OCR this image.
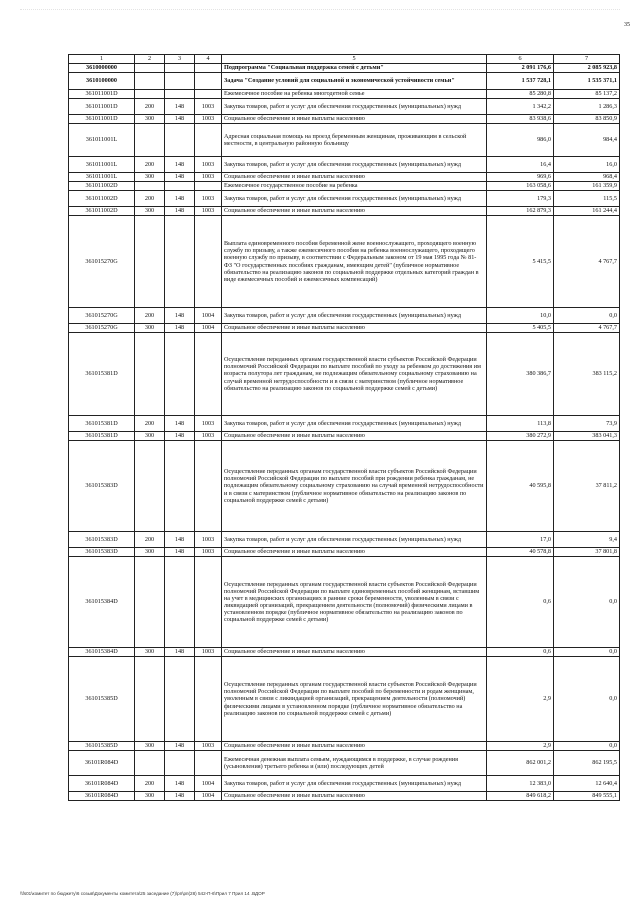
35
1	2	3	4	5	6	7
3610000000				Подпрограмма "Социальная поддержка семей с детьми"	2 091 176,6	2 085 923,8
3610100000				Задача "Создание условий для социальной и экономической устойчивости семьи"	1 537 728,1	1 535 371,1
361011001D				Ежемесячное пособие на ребенка многодетной семье	85 280,8	85 137,2
361011001D	200	148	1003	Закупка товаров, работ и услуг для обеспечения государственных (муниципальных) нужд	1 342,2	1 286,3
361011001D	300	148	1003	Социальное обеспечение и иные выплаты населению	83 938,6	83 850,9
361011001L				Адресная социальная помощь на проезд беременным женщинам, проживающим в сельской местности, в центральную районную больницу	986,0	984,4
361011001L	200	148	1003	Закупка товаров, работ и услуг для обеспечения государственных (муниципальных) нужд	16,4	16,0
361011001L	300	148	1003	Социальное обеспечение и иные выплаты населению	969,6	968,4
361011002D				Ежемесячное государственное пособие на ребенка	163 058,6	161 359,9
361011002D	200	148	1003	Закупка товаров, работ и услуг для обеспечения государственных (муниципальных) нужд	179,3	115,5
361011002D	300	148	1003	Социальное обеспечение и иные выплаты населению	162 879,3	161 244,4
361015270G				Выплата единовременного пособия беременной жене военнослужащего, проходящего военную службу по призыву, а также ежемесячного пособия на ребенка военнослужащего, проходящего военную службу по призыву, в соответствии с Федеральным законом от 19 мая 1995 года № 81-ФЗ "О государственных пособиях гражданам, имеющим детей" (публичное нормативное обязательство на реализацию законов по социальной поддержке отдельных категорий граждан в виде ежемесячных пособий и ежемесячных компенсаций)	5 415,5	4 767,7
361015270G	200	148	1004	Закупка товаров, работ и услуг для обеспечения государственных (муниципальных) нужд	10,0	0,0
361015270G	300	148	1004	Социальное обеспечение и иные выплаты населению	5 405,5	4 767,7
361015381D				Осуществление переданных органам государственной власти субъектов Российской Федерации полномочий Российской Федерации по выплате пособий по уходу за ребенком до достижения им возраста полутора лет гражданам, не подлежащим обязательному социальному страхованию на случай временной нетрудоспособности и в связи с материнством (публичное нормативное обязательство на реализацию законов по социальной поддержке семей с детьми)	380 386,7	383 115,2
361015381D	200	148	1003	Закупка товаров, работ и услуг для обеспечения государственных (муниципальных) нужд	113,8	73,9
361015381D	300	148	1003	Социальное обеспечение и иные выплаты населению	380 272,9	383 041,3
361015383D				Осуществление переданных органам государственной власти субъектов Российской Федерации полномочий Российской Федерации по выплате пособий при рождении ребенка гражданам, не подлежащим обязательному социальному страхованию на случай временной нетрудоспособности и в связи с материнством (публичное нормативное обязательство на реализацию законов по социальной поддержке семей с детьми)	40 595,8	37 811,2
361015383D	200	148	1003	Закупка товаров, работ и услуг для обеспечения государственных (муниципальных) нужд	17,0	9,4
361015383D	300	148	1003	Социальное обеспечение и иные выплаты населению	40 578,8	37 801,8
361015384D				Осуществление переданных органам государственной власти субъектов Российской Федерации полномочий Российской Федерации по выплате единовременных пособий женщинам, вставшим на учет в медицинских организациях в ранние сроки беременности, уволенным в связи с ликвидацией организаций, прекращением деятельности (полномочий) физическими лицами в установленном порядке (публичное нормативное обязательство на реализацию законов по социальной поддержке семей с детьми)	0,6	0,0
361015384D	300	148	1003	Социальное обеспечение и иные выплаты населению	0,6	0,0
361015385D				Осуществление переданных органам государственной власти субъектов Российской Федерации полномочий Российской Федерации по выплате пособий по беременности и родам женщинам, уволенным в связи с ликвидацией организаций, прекращением деятельности (полномочий) физическими лицами в установленном порядке (публичное нормативное обязательство на реализацию законов по социальной поддержке семей с детьми)	2,9	0,0
361015385D	300	148	1003	Социальное обеспечение и иные выплаты населению	2,9	0,0
36101R084D				Ежемесячная денежная выплата семьям, нуждающимся в поддержке, в случае рождения (усыновления) третьего ребенка и (или) последующих детей	862 001,2	862 195,5
36101R084D	200	148	1004	Закупка товаров, работ и услуг для обеспечения государственных (муниципальных) нужд	12 383,0	12 640,4
36101R084D	300	148	1004	Социальное обеспечение и иные выплаты населению	849 618,2	849 555,1
\\fs01\комитет по бюджету\6 созыв\Документы комитета\25 заседание (7)\рп\рп(28) 542-П-6\Прил 7 Прил 14 .ВДОР
